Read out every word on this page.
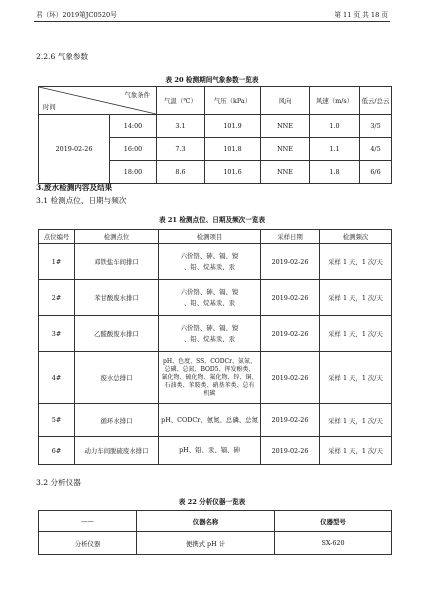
君（环）2019第JC0520号	第 11 页 共 18 页
2.2.6 气象参数
表 20 检测期间气象参数一览表
气象条件
时间		气温（℃）	气压（kPa）	风向	风速（m/s）	低云/总云
2019-02-26	14:00	3.1	101.9	NNE	1.0	3/5
	16:00	7.3	101.8	NNE	1.1	4/5
	18:00	8.6	101.6	NNE	1.8	6/6
3.废水检测内容及结果
3.1 检测点位、日期与频次
表 21 检测点位、日期及频次一览表
点位编号	检测点位	检测项目	采样日期	检测频次
1#	邓铁盐车间排口	六价铬、砷、镉、镍
、铅、烷基汞、汞	2019-02-26	采样 1 天，1 次/天
2#	苯甘酸废水排口	六价铬、砷、镉、镍
、铅、烷基汞、汞	2019-02-26	采样 1 天，1 次/天
3#	乙醛酸废水排口	六价铬、砷、镉、镍
、铅、烷基汞、汞	2019-02-26	采样 1 天，1 次/天
4#	废水总排口	pH、色度、SS、CODCr、氨氮、
总磷、总氮、BOD5、挥发酚类、
氰化物、硫化物、氟化物、锌、铜、
石油类、苯胺类、硝基苯类、总有
机碳	2019-02-26	采样 1 天，1 次/天
5#	循环水排口	pH、CODCr、氨氮、总磷、总氮	2019-02-26	采样 1 天，1 次/天
6#	动力车间脱硫废水排口	pH、铅、汞、镉、砷	2019-02-26	采样 1 天，1 次/天
3.2 分析仪器
表 22 分析仪器一览表
——	仪器名称	仪器型号
分析仪器	便携式 pH 计	SX-620
